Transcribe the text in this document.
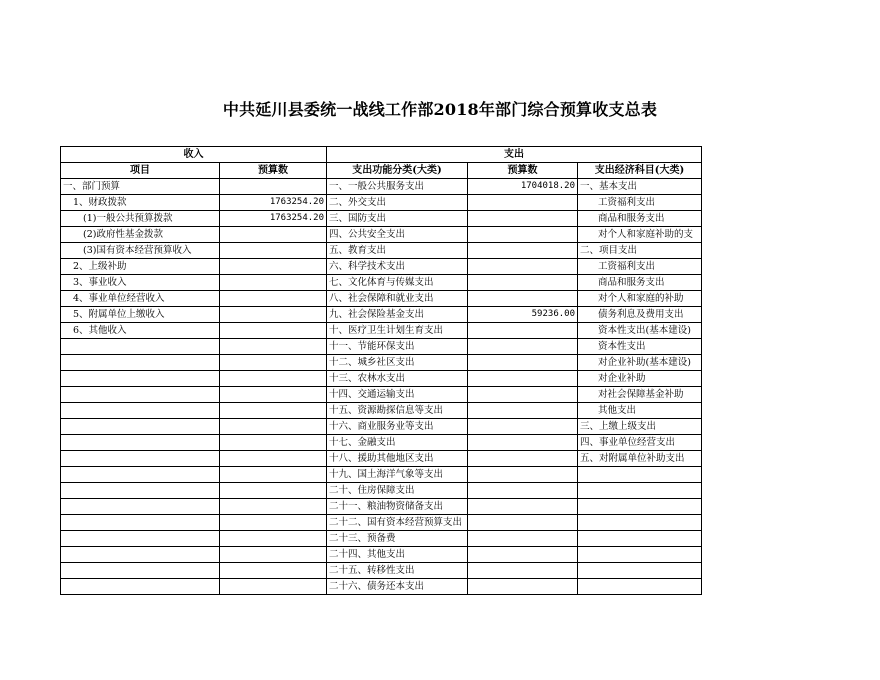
中共延川县委统一战线工作部2018年部门综合预算收支总表
收入		支出		
项目	预算数	支出功能分类(大类)	预算数	支出经济科目(大类)
一、部门预算		一、一般公共服务支出	1704018.20	一、基本支出
1、财政拨款	1763254.20	二、外交支出		工资福利支出
(1)一般公共预算拨款	1763254.20	三、国防支出		商品和服务支出
(2)政府性基金拨款		四、公共安全支出		对个人和家庭补助的支
(3)国有资本经营预算收入		五、教育支出		二、项目支出
2、上级补助		六、科学技术支出		工资福利支出
3、事业收入		七、文化体育与传媒支出		商品和服务支出
4、事业单位经营收入		八、社会保障和就业支出		对个人和家庭的补助
5、附属单位上缴收入		九、社会保险基金支出	59236.00	债务利息及费用支出
6、其他收入		十、医疗卫生计划生育支出		资本性支出(基本建设)
		十一、节能环保支出		资本性支出
		十二、城乡社区支出		对企业补助(基本建设)
		十三、农林水支出		对企业补助
		十四、交通运输支出		对社会保障基金补助
		十五、资源勘探信息等支出		其他支出
		十六、商业服务业等支出		三、上缴上级支出
		十七、金融支出		四、事业单位经营支出
		十八、援助其他地区支出		五、对附属单位补助支出
		十九、国土海洋气象等支出		
		二十、住房保障支出		
		二十一、粮油物资储备支出		
		二十二、国有资本经营预算支出		
		二十三、预备费		
		二十四、其他支出		
		二十五、转移性支出		
		二十六、债务还本支出		
